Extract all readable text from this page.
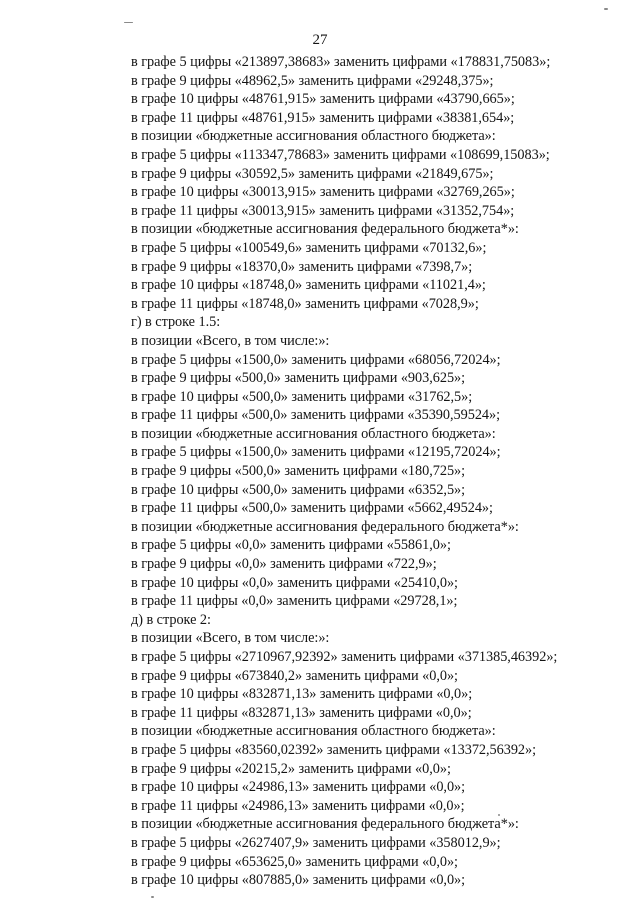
27
в графе 5 цифры «213897,38683» заменить цифрами «178831,75083»;
в графе 9 цифры «48962,5» заменить цифрами «29248,375»;
в графе 10 цифры «48761,915» заменить цифрами «43790,665»;
в графе 11 цифры «48761,915» заменить цифрами «38381,654»;
в позиции «бюджетные ассигнования областного бюджета»:
в графе 5 цифры «113347,78683» заменить цифрами «108699,15083»;
в графе 9 цифры «30592,5» заменить цифрами «21849,675»;
в графе 10 цифры «30013,915» заменить цифрами «32769,265»;
в графе 11 цифры «30013,915» заменить цифрами «31352,754»;
в позиции «бюджетные ассигнования федерального бюджета*»:
в графе 5 цифры «100549,6» заменить цифрами «70132,6»;
в графе 9 цифры «18370,0» заменить цифрами «7398,7»;
в графе 10 цифры «18748,0» заменить цифрами «11021,4»;
в графе 11 цифры «18748,0» заменить цифрами «7028,9»;
г) в строке 1.5:
в позиции «Всего, в том числе:»:
в графе 5 цифры «1500,0» заменить цифрами «68056,72024»;
в графе 9 цифры «500,0» заменить цифрами «903,625»;
в графе 10 цифры «500,0» заменить цифрами «31762,5»;
в графе 11 цифры «500,0» заменить цифрами «35390,59524»;
в позиции «бюджетные ассигнования областного бюджета»:
в графе 5 цифры «1500,0» заменить цифрами «12195,72024»;
в графе 9 цифры «500,0» заменить цифрами «180,725»;
в графе 10 цифры «500,0» заменить цифрами «6352,5»;
в графе 11 цифры «500,0» заменить цифрами «5662,49524»;
в позиции «бюджетные ассигнования федерального бюджета*»:
в графе 5 цифры «0,0» заменить цифрами «55861,0»;
в графе 9 цифры «0,0» заменить цифрами «722,9»;
в графе 10 цифры «0,0» заменить цифрами «25410,0»;
в графе 11 цифры «0,0» заменить цифрами «29728,1»;
д) в строке 2:
в позиции «Всего, в том числе:»:
в графе 5 цифры «2710967,92392» заменить цифрами «371385,46392»;
в графе 9 цифры «673840,2» заменить цифрами «0,0»;
в графе 10 цифры «832871,13» заменить цифрами «0,0»;
в графе 11 цифры «832871,13» заменить цифрами «0,0»;
в позиции «бюджетные ассигнования областного бюджета»:
в графе 5 цифры «83560,02392» заменить цифрами «13372,56392»;
в графе 9 цифры «20215,2» заменить цифрами «0,0»;
в графе 10 цифры «24986,13» заменить цифрами «0,0»;
в графе 11 цифры «24986,13» заменить цифрами «0,0»;
в позиции «бюджетные ассигнования федерального бюджета*»:
в графе 5 цифры «2627407,9» заменить цифрами «358012,9»;
в графе 9 цифры «653625,0» заменить цифрами «0,0»;
в графе 10 цифры «807885,0» заменить цифрами «0,0»;
